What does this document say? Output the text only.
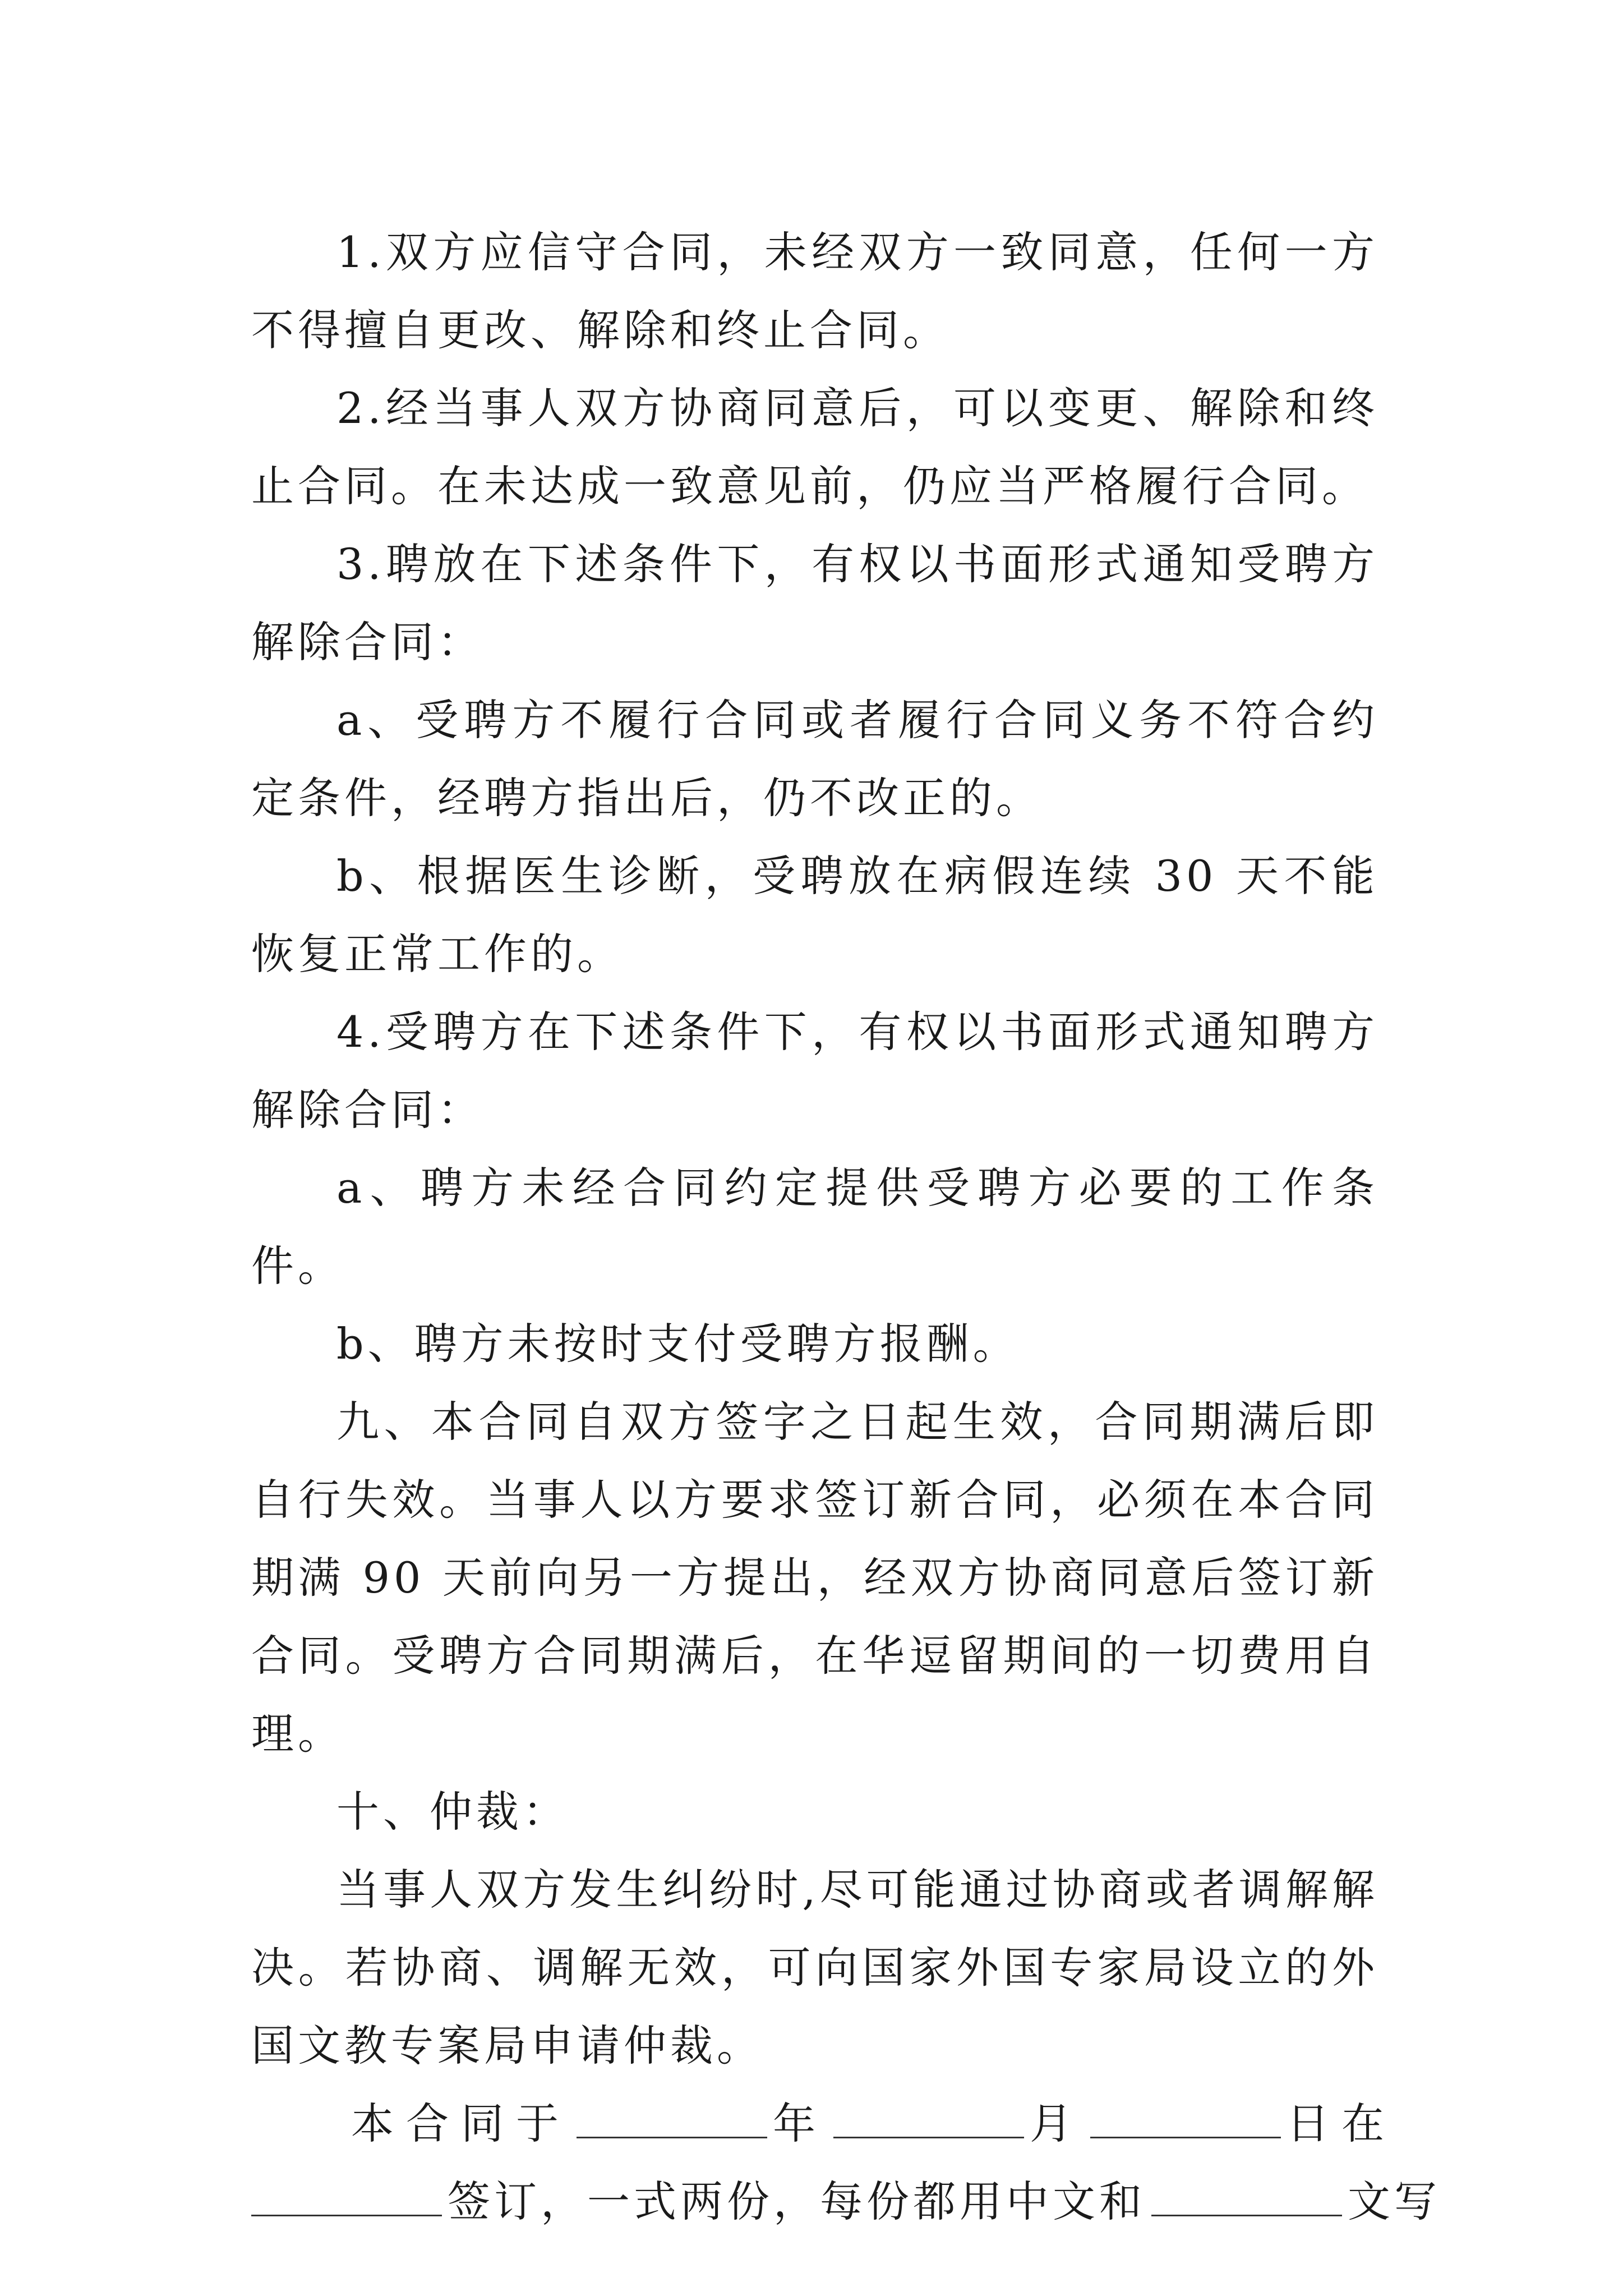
1.双方应信守合同，未经双方一致同意，任何一方不得擅自更改、解除和终止合同。

2.经当事人双方协商同意后，可以变更、解除和终止合同。在未达成一致意见前，仍应当严格履行合同。

3.聘放在下述条件下，有权以书面形式通知受聘方解除合同：

a、受聘方不履行合同或者履行合同义务不符合约定条件，经聘方指出后，仍不改正的。

b、根据医生诊断，受聘放在病假连续 30 天不能恢复正常工作的。

4.受聘方在下述条件下，有权以书面形式通知聘方解除合同：

a、聘方未经合同约定提供受聘方必要的工作条件。

b、聘方未按时支付受聘方报酬。

九、本合同自双方签字之日起生效，合同期满后即自行失效。当事人以方要求签订新合同，必须在本合同期满 90 天前向另一方提出，经双方协商同意后签订新合同。受聘方合同期满后，在华逗留期间的一切费用自理。

十、仲裁：

当事人双方发生纠纷时,尽可能通过协商或者调解解决。若协商、调解无效，可向国家外国专家局设立的外国文教专案局申请仲裁。

本合同于	年	月	日在

签订，一式两份，每份都用中文和	文写
